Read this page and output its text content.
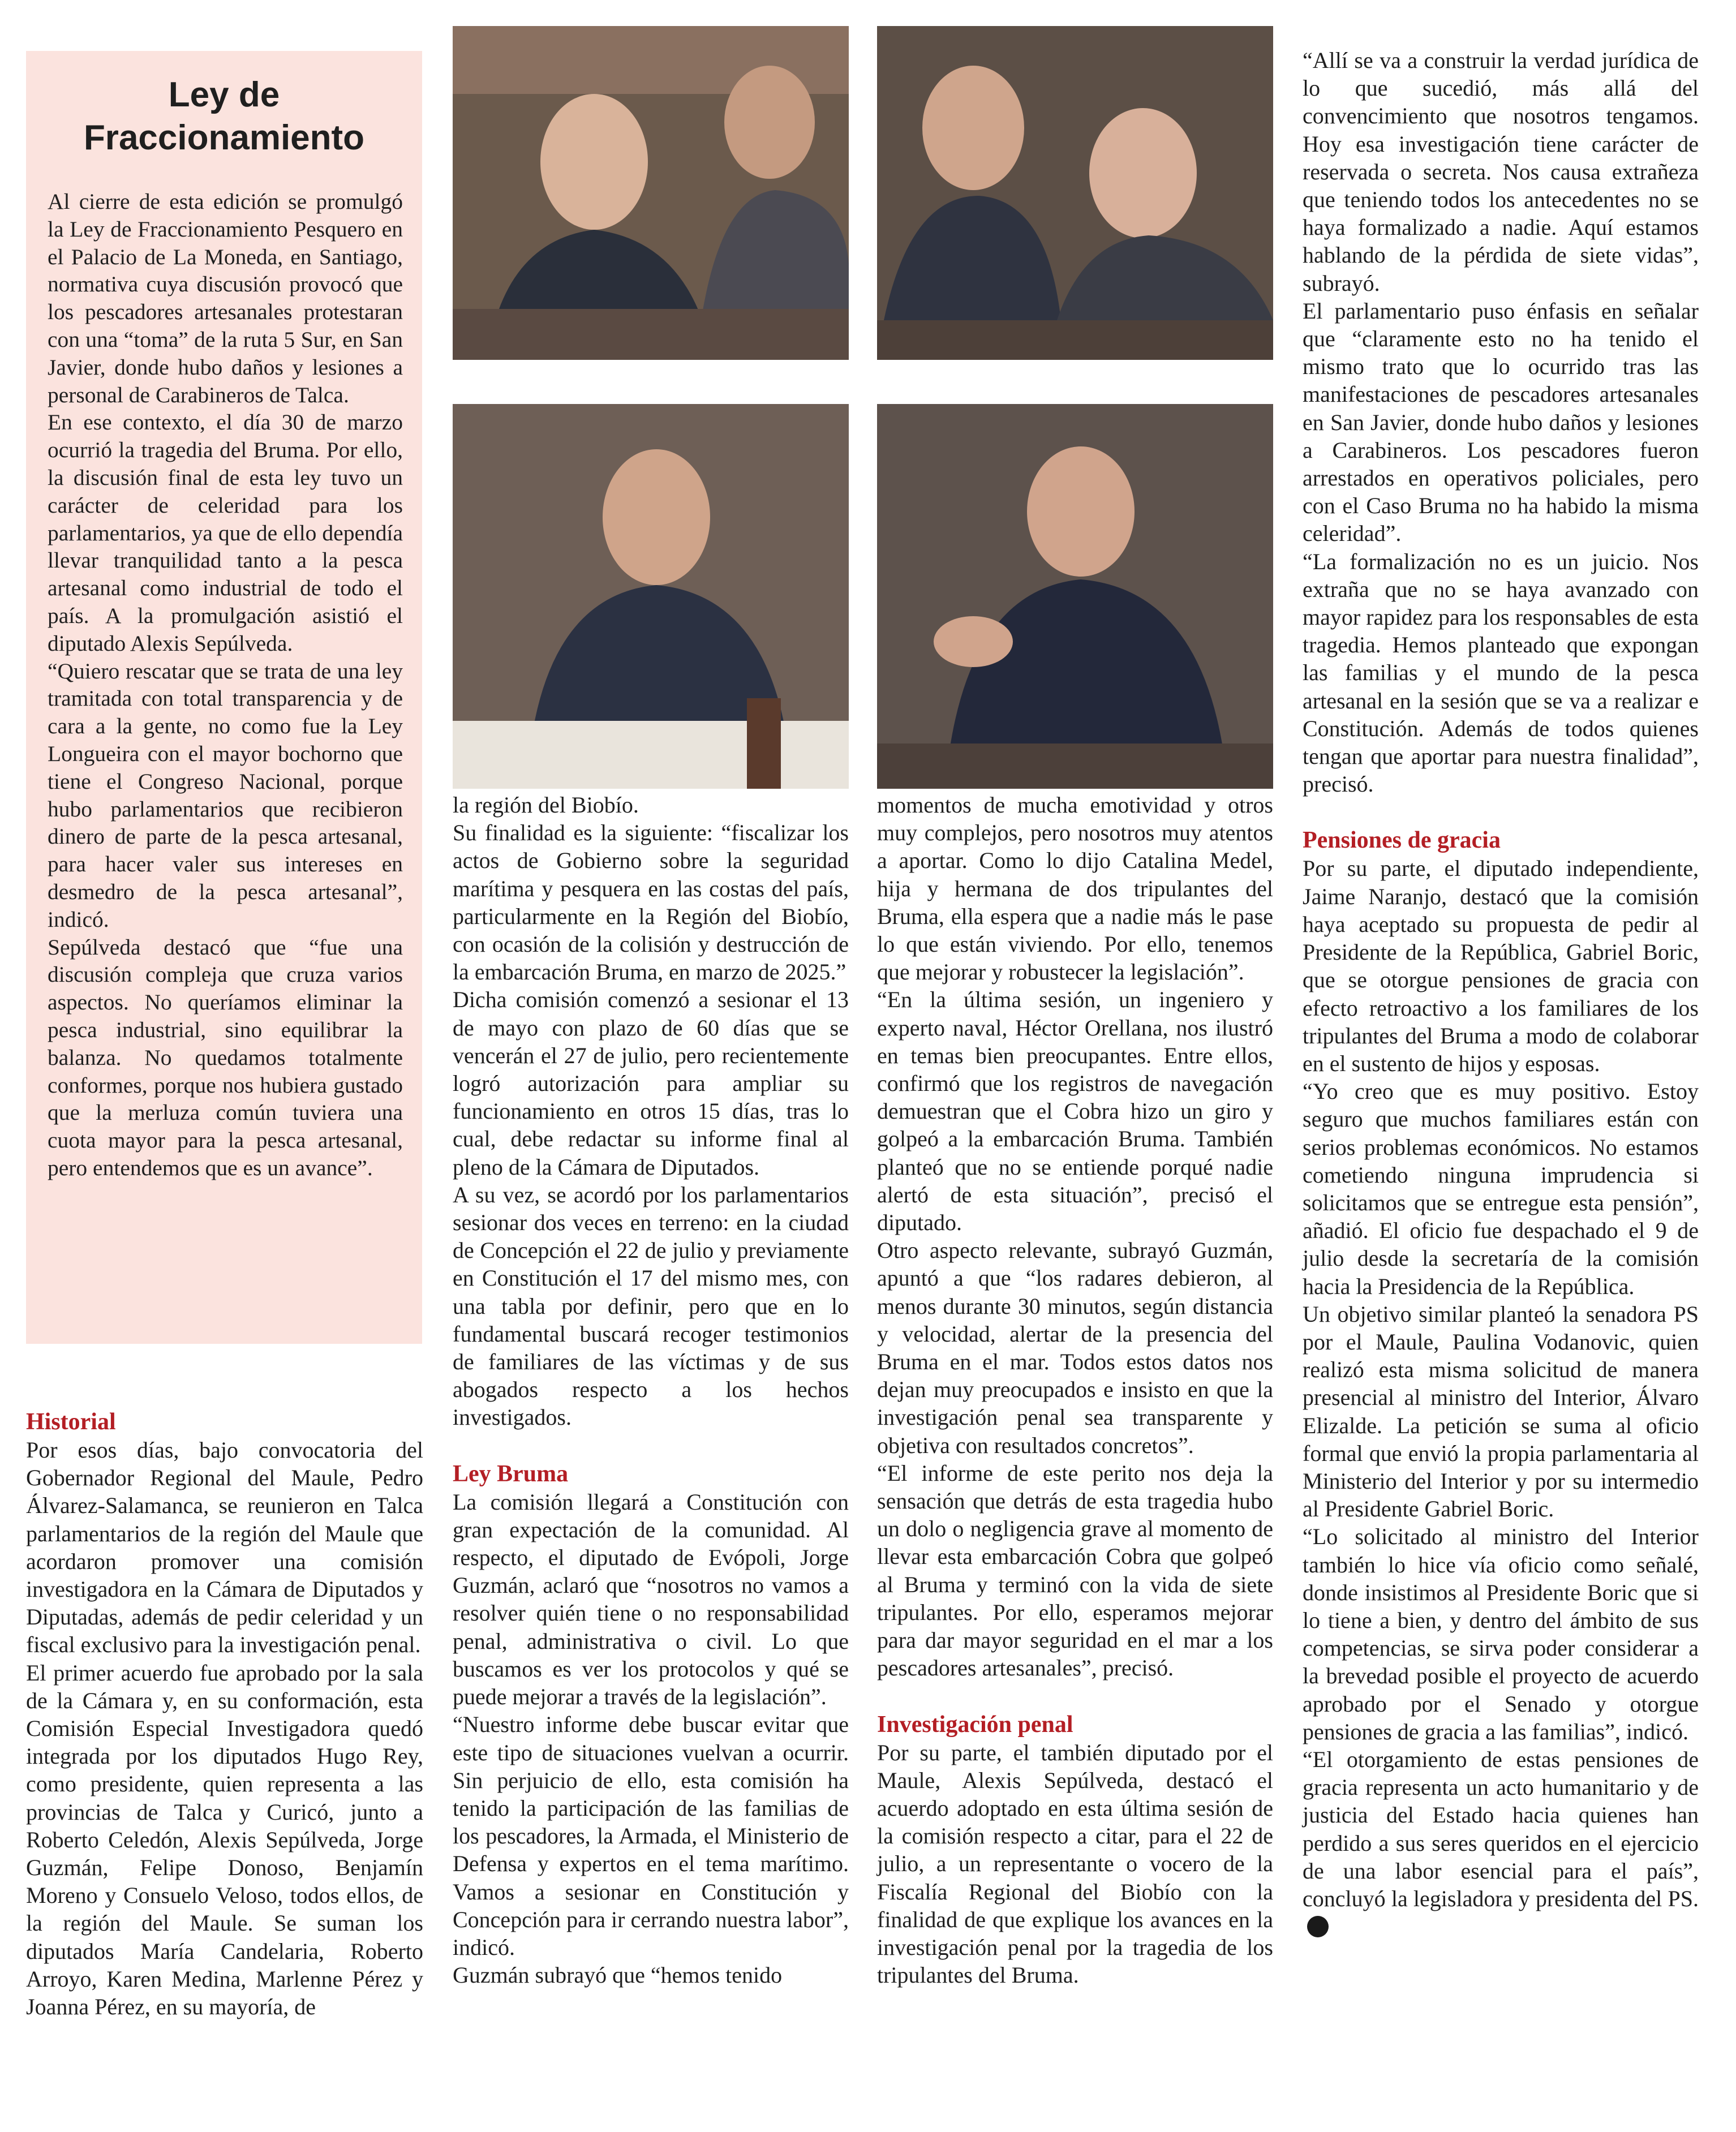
Ley de
Fraccionamiento

Al cierre de esta edición se promulgó la Ley de Fraccionamiento Pesquero en el Palacio de La Moneda, en Santiago, normativa cuya discusión provocó que los pescadores artesanales protestaran con una “toma” de la ruta 5 Sur, en San Javier, donde hubo daños y lesiones a personal de Carabineros de Talca.

En ese contexto, el día 30 de marzo ocurrió la tragedia del Bruma. Por ello, la discusión final de esta ley tuvo un carácter de celeridad para los parlamentarios, ya que de ello dependía llevar tranquilidad tanto a la pesca artesanal como industrial de todo el país. A la promulgación asistió el diputado Alexis Sepúlveda.

“Quiero rescatar que se trata de una ley tramitada con total transparencia y de cara a la gente, no como fue la Ley Longueira con el mayor bochorno que tiene el Congreso Nacional, porque hubo parlamentarios que recibieron dinero de parte de la pesca artesanal, para hacer valer sus intereses en desmedro de la pesca artesanal”, indicó.

Sepúlveda destacó que “fue una discusión compleja que cruza varios aspectos. No queríamos eliminar la pesca industrial, sino equilibrar la balanza. No quedamos totalmente conformes, porque nos hubiera gustado que la merluza común tuviera una cuota mayor para la pesca artesanal, pero entendemos que es un avance”.

Historial

Por esos días, bajo convocatoria del Gobernador Regional del Maule, Pedro Álvarez-Salamanca, se reunieron en Talca parlamentarios de la región del Maule que acordaron promover una comisión investigadora en la Cámara de Diputados y Diputadas, además de pedir celeridad y un fiscal exclusivo para la investigación penal.

El primer acuerdo fue aprobado por la sala de la Cámara y, en su conformación, esta Comisión Especial Investigadora quedó integrada por los diputados Hugo Rey, como presidente, quien representa a las provincias de Talca y Curicó, junto a Roberto Celedón, Alexis Sepúlveda, Jorge Guzmán, Felipe Donoso, Benjamín Moreno y Consuelo Veloso, todos ellos, de la región del Maule. Se suman los diputados María Candelaria, Roberto Arroyo, Karen Medina, Marlenne Pérez y Joanna Pérez, en su mayoría, de

la región del Biobío.

Su finalidad es la siguiente: “fiscalizar los actos de Gobierno sobre la seguridad marítima y pesquera en las costas del país, particularmente en la Región del Biobío, con ocasión de la colisión y destrucción de la embarcación Bruma, en marzo de 2025.”

Dicha comisión comenzó a sesionar el 13 de mayo con plazo de 60 días que se vencerán el 27 de julio, pero recientemente logró autorización para ampliar su funcionamiento en otros 15 días, tras lo cual, debe redactar su informe final al pleno de la Cámara de Diputados.

A su vez, se acordó por los parlamentarios sesionar dos veces en terreno: en la ciudad de Concepción el 22 de julio y previamente en Constitución el 17 del mismo mes, con una tabla por definir, pero que en lo fundamental buscará recoger testimonios de familiares de las víctimas y de sus abogados respecto a los hechos investigados.

Ley Bruma

La comisión llegará a Constitución con gran expectación de la comunidad. Al respecto, el diputado de Evópoli, Jorge Guzmán, aclaró que “nosotros no vamos a resolver quién tiene o no responsabilidad penal, administrativa o civil. Lo que buscamos es ver los protocolos y qué se puede mejorar a través de la legislación”.

“Nuestro informe debe buscar evitar que este tipo de situaciones vuelvan a ocurrir. Sin perjuicio de ello, esta comisión ha tenido la participación de las familias de los pescadores, la Armada, el Ministerio de Defensa y expertos en el tema marítimo. Vamos a sesionar en Constitución y Concepción para ir cerrando nuestra labor”, indicó.

Guzmán subrayó que “hemos tenido

momentos de mucha emotividad y otros muy complejos, pero nosotros muy atentos a aportar. Como lo dijo Catalina Medel, hija y hermana de dos tripulantes del Bruma, ella espera que a nadie más le pase lo que están viviendo. Por ello, tenemos que mejorar y robustecer la legislación”.

“En la última sesión, un ingeniero y experto naval, Héctor Orellana, nos ilustró en temas bien preocupantes. Entre ellos, confirmó que los registros de navegación demuestran que el Cobra hizo un giro y golpeó a la embarcación Bruma. También planteó que no se entiende porqué nadie alertó de esta situación”, precisó el diputado.

Otro aspecto relevante, subrayó Guzmán, apuntó a que “los radares debieron, al menos durante 30 minutos, según distancia y velocidad, alertar de la presencia del Bruma en el mar. Todos estos datos nos dejan muy preocupados e insisto en que la investigación penal sea transparente y objetiva con resultados concretos”.

“El informe de este perito nos deja la sensación que detrás de esta tragedia hubo un dolo o negligencia grave al momento de llevar esta embarcación Cobra que golpeó al Bruma y terminó con la vida de siete tripulantes. Por ello, esperamos mejorar para dar mayor seguridad en el mar a los pescadores artesanales”, precisó.

Investigación penal

Por su parte, el también diputado por el Maule, Alexis Sepúlveda, destacó el acuerdo adoptado en esta última sesión de la comisión respecto a citar, para el 22 de julio, a un representante o vocero de la Fiscalía Regional del Biobío con la finalidad de que explique los avances en la investigación penal por la tragedia de los tripulantes del Bruma.

“Allí se va a construir la verdad jurídica de lo que sucedió, más allá del convencimiento que nosotros tengamos. Hoy esa investigación tiene carácter de reservada o secreta. Nos causa extrañeza que teniendo todos los antecedentes no se haya formalizado a nadie. Aquí estamos hablando de la pérdida de siete vidas”, subrayó.

El parlamentario puso énfasis en señalar que “claramente esto no ha tenido el mismo trato que lo ocurrido tras las manifestaciones de pescadores artesanales en San Javier, donde hubo daños y lesiones a Carabineros. Los pescadores fueron arrestados en operativos policiales, pero con el Caso Bruma no ha habido la misma celeridad”.

“La formalización no es un juicio. Nos extraña que no se haya avanzado con mayor rapidez para los responsables de esta tragedia. Hemos planteado que expongan las familias y el mundo de la pesca artesanal en la sesión que se va a realizar e Constitución. Además de todos quienes tengan que aportar para nuestra finalidad”, precisó.

Pensiones de gracia

Por su parte, el diputado independiente, Jaime Naranjo, destacó que la comisión haya aceptado su propuesta de pedir al Presidente de la República, Gabriel Boric, que se otorgue pensiones de gracia con efecto retroactivo a los familiares de los tripulantes del Bruma a modo de colaborar en el sustento de hijos y esposas.

“Yo creo que es muy positivo. Estoy seguro que muchos familiares están con serios problemas económicos. No estamos cometiendo ninguna imprudencia si solicitamos que se entregue esta pensión”, añadió. El oficio fue despachado el 9 de julio desde la secretaría de la comisión hacia la Presidencia de la República.

Un objetivo similar planteó la senadora PS por el Maule, Paulina Vodanovic, quien realizó esta misma solicitud de manera presencial al ministro del Interior, Álvaro Elizalde. La petición se suma al oficio formal que envió la propia parlamentaria al Ministerio del Interior y por su intermedio al Presidente Gabriel Boric.

“Lo solicitado al ministro del Interior también lo hice vía oficio como señalé, donde insistimos al Presidente Boric que si lo tiene a bien, y dentro del ámbito de sus competencias, se sirva poder considerar a la brevedad posible el proyecto de acuerdo aprobado por el Senado y otorgue pensiones de gracia a las familias”, indicó.

“El otorgamiento de estas pensiones de gracia representa un acto humanitario y de justicia del Estado hacia quienes han perdido a sus seres queridos en el ejercicio de una labor esencial para el país”, concluyó la legisladora y presidenta del PS.
